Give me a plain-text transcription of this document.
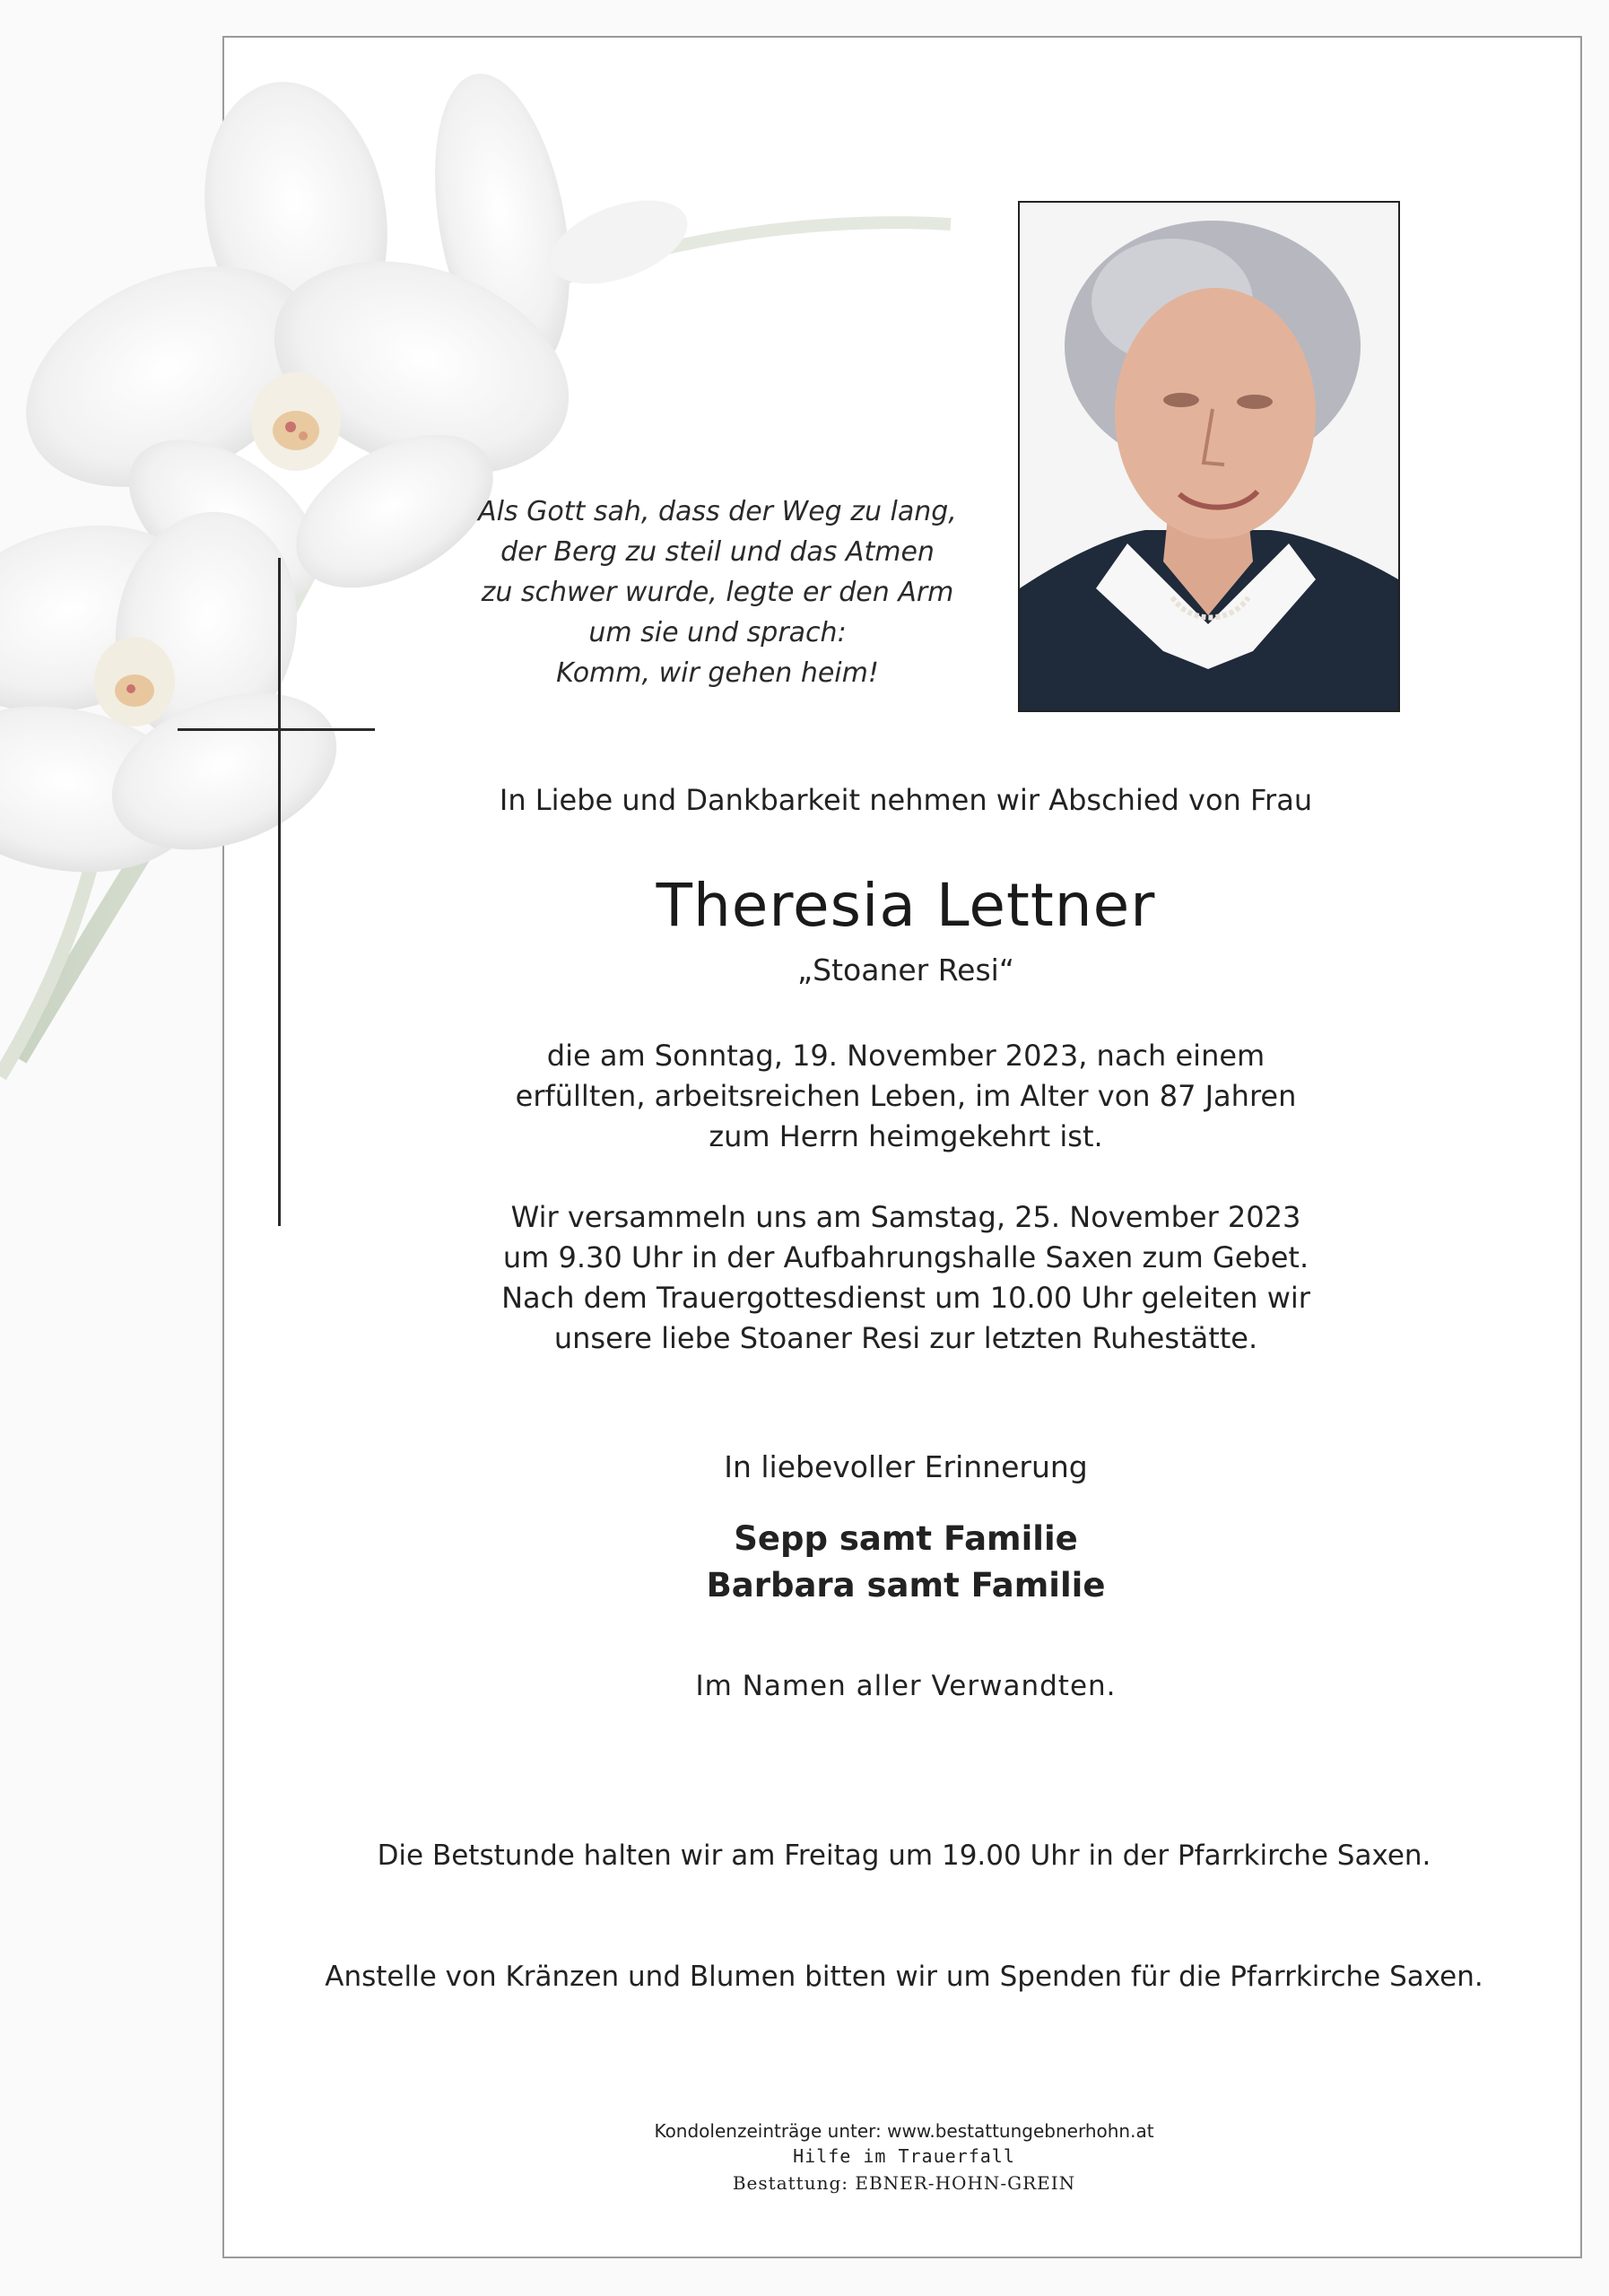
Als Gott sah, dass der Weg zu lang,
der Berg zu steil und das Atmen
zu schwer wurde, legte er den Arm
um sie und sprach:
Komm, wir gehen heim!
In Liebe und Dankbarkeit nehmen wir Abschied von Frau
Theresia Lettner
„Stoaner Resi“
die am Sonntag, 19. November 2023, nach einem
erfüllten, arbeitsreichen Leben, im Alter von 87 Jahren
zum Herrn heimgekehrt ist.
Wir versammeln uns am Samstag, 25. November 2023
um 9.30 Uhr in der Aufbahrungshalle Saxen zum Gebet.
Nach dem Trauergottesdienst um 10.00 Uhr geleiten wir
unsere liebe Stoaner Resi zur letzten Ruhestätte.
In liebevoller Erinnerung
Sepp samt Familie
Barbara samt Familie
Im Namen aller Verwandten.
Die Betstunde halten wir am Freitag um 19.00 Uhr in der Pfarrkirche Saxen.
Anstelle von Kränzen und Blumen bitten wir um Spenden für die Pfarrkirche Saxen.
Kondolenzeinträge unter: www.bestattungebnerhohn.at
Hilfe im Trauerfall
Bestattung: EBNER-HOHN-GREIN
